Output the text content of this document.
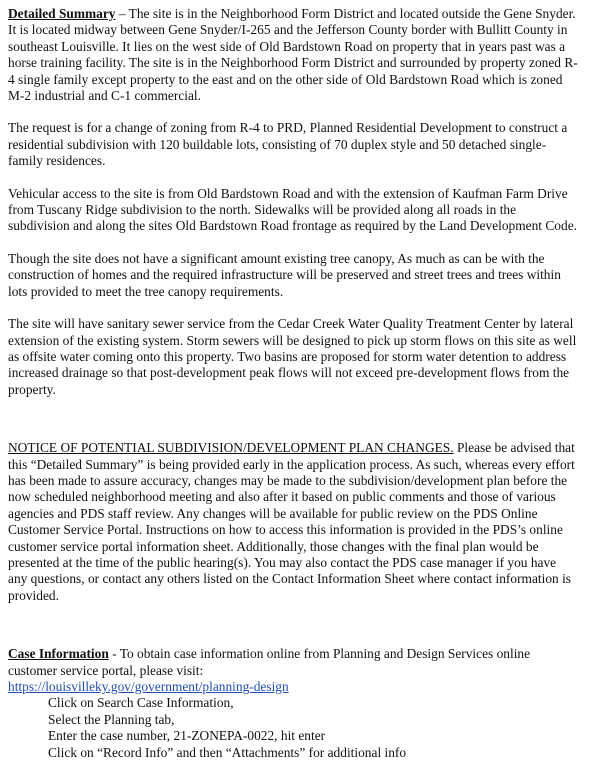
Detailed Summary – The site is in the Neighborhood Form District and located outside the Gene Snyder. It is located midway between Gene Snyder/I-265 and the Jefferson County border with Bullitt County in southeast Louisville. It lies on the west side of Old Bardstown Road on property that in years past was a horse training facility. The site is in the Neighborhood Form District and surrounded by property zoned R-4 single family except property to the east and on the other side of Old Bardstown Road which is zoned M-2 industrial and C-1 commercial.

The request is for a change of zoning from R-4 to PRD, Planned Residential Development to construct a residential subdivision with 120 buildable lots, consisting of 70 duplex style and 50 detached single-family residences.

Vehicular access to the site is from Old Bardstown Road and with the extension of Kaufman Farm Drive from Tuscany Ridge subdivision to the north. Sidewalks will be provided along all roads in the subdivision and along the sites Old Bardstown Road frontage as required by the Land Development Code.

Though the site does not have a significant amount existing tree canopy, As much as can be with the construction of homes and the required infrastructure will be preserved and street trees and trees within lots provided to meet the tree canopy requirements.

The site will have sanitary sewer service from the Cedar Creek Water Quality Treatment Center by lateral extension of the existing system. Storm sewers will be designed to pick up storm flows on this site as well as offsite water coming onto this property. Two basins are proposed for storm water detention to address increased drainage so that post-development peak flows will not exceed pre-development flows from the property.

NOTICE OF POTENTIAL SUBDIVISION/DEVELOPMENT PLAN CHANGES. Please be advised that this “Detailed Summary” is being provided early in the application process. As such, whereas every effort has been made to assure accuracy, changes may be made to the subdivision/development plan before the now scheduled neighborhood meeting and also after it based on public comments and those of various agencies and PDS staff review. Any changes will be available for public review on the PDS Online Customer Service Portal. Instructions on how to access this information is provided in the PDS’s online customer service portal information sheet. Additionally, those changes with the final plan would be presented at the time of the public hearing(s). You may also contact the PDS case manager if you have any questions, or contact any others listed on the Contact Information Sheet where contact information is provided.

Case Information - To obtain case information online from Planning and Design Services online customer service portal, please visit:

https://louisvilleky.gov/government/planning-design

Click on Search Case Information,
Select the Planning tab,
Enter the case number, 21-ZONEPA-0022, hit enter
Click on “Record Info” and then “Attachments” for additional info
